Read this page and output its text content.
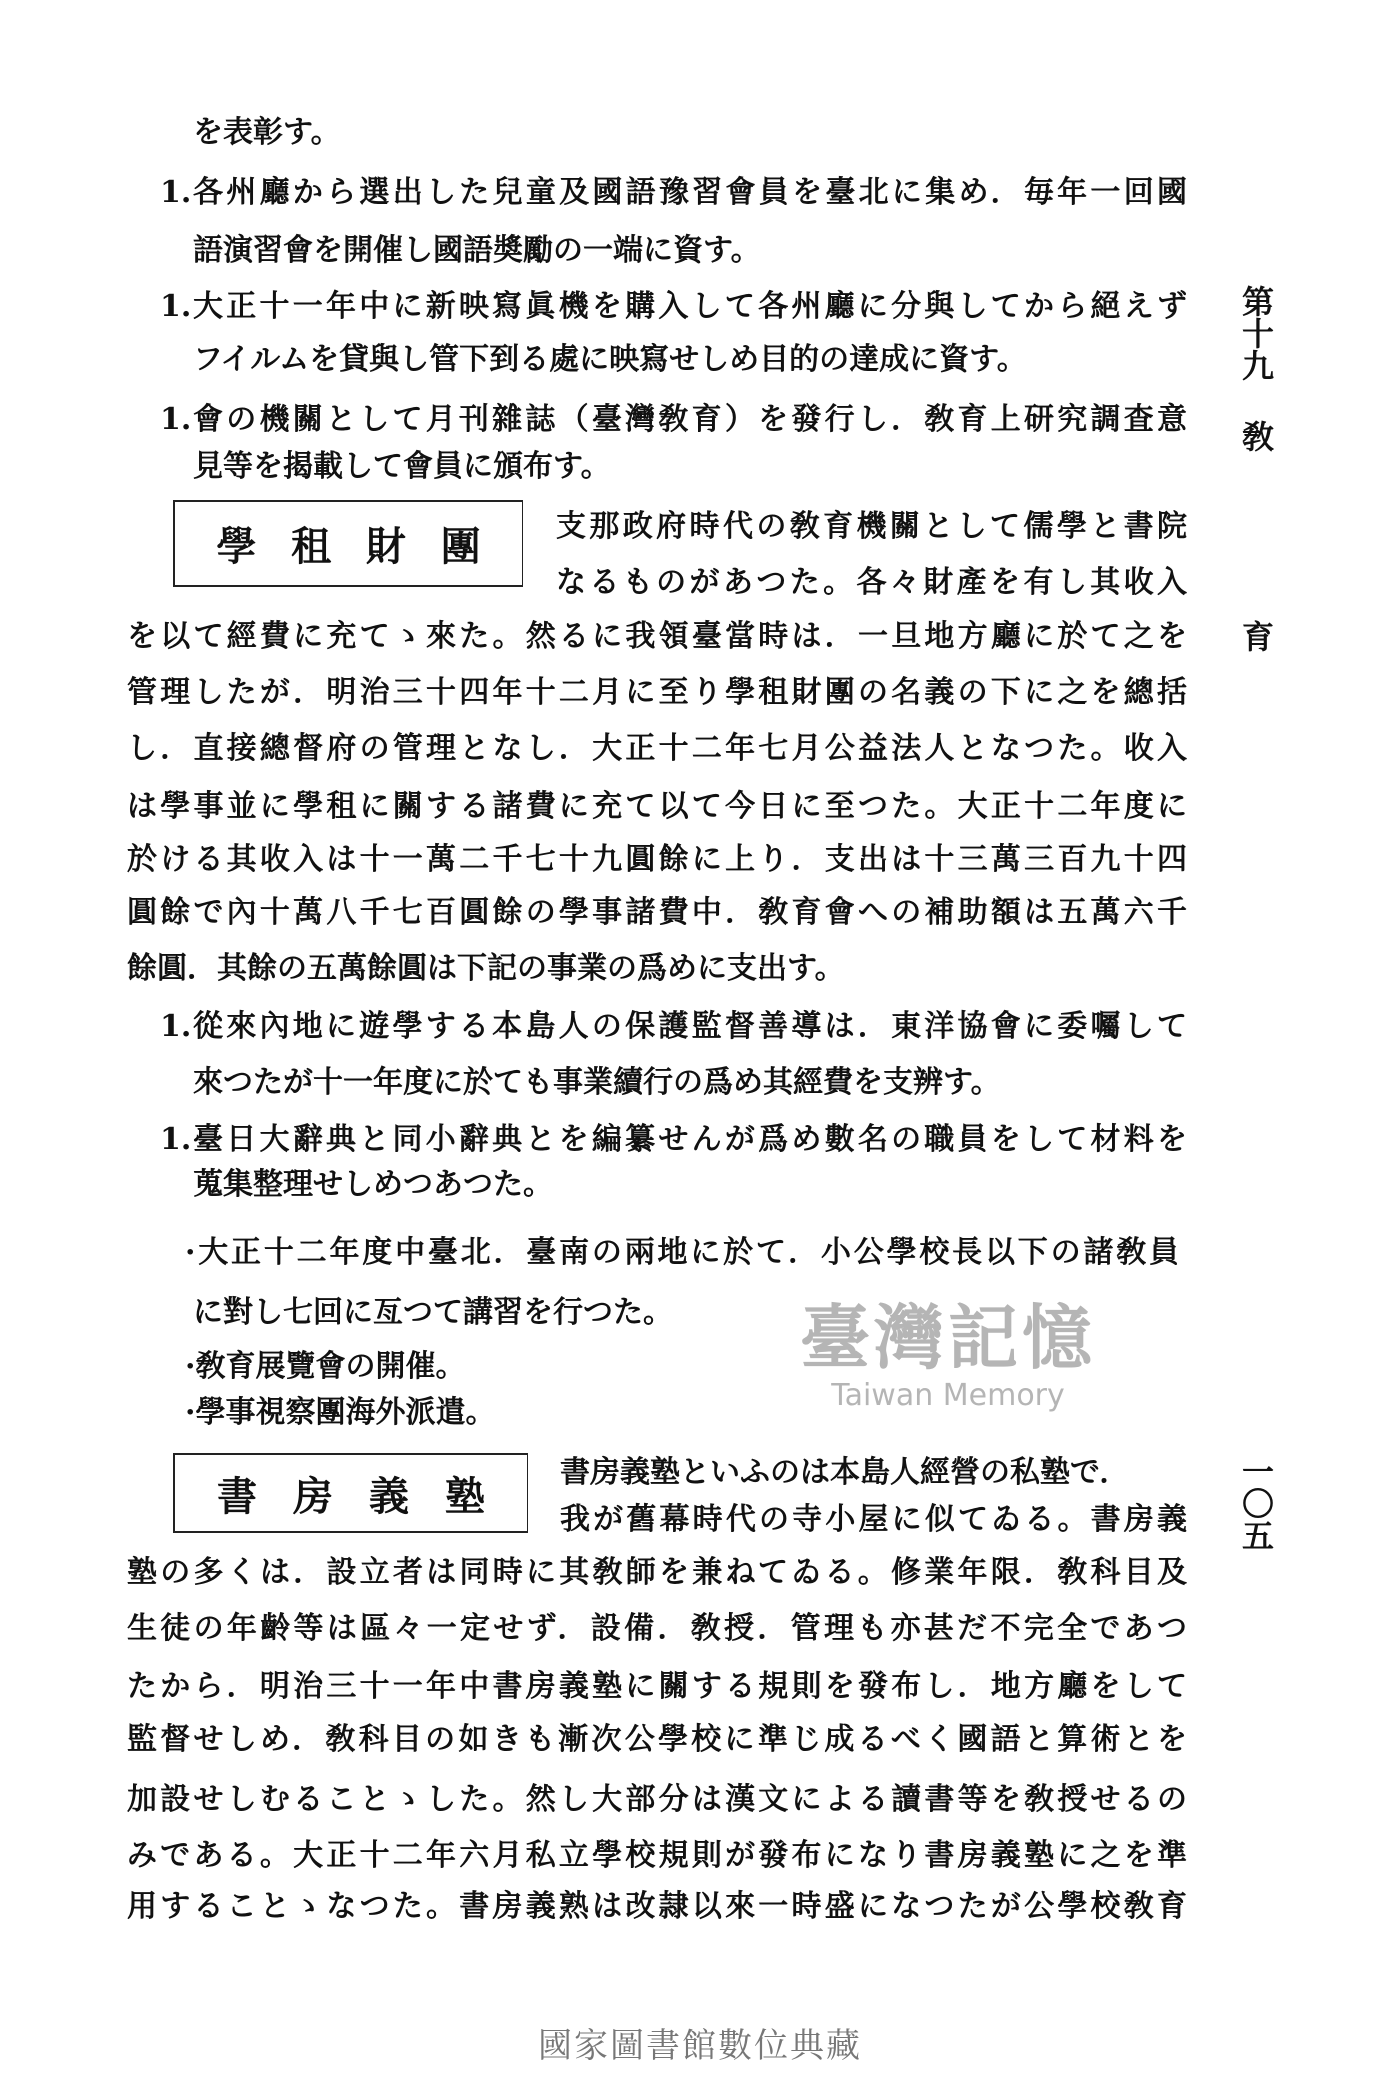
第十九
敎
育
一〇五
を表彰す。
1. 各州廳から選出した兒童及國語豫習會員を臺北に集め．毎年一回國
語演習會を開催し國語奬勵の一端に資す。
1. 大正十一年中に新映寫眞機を購入して各州廳に分與してから絕えず
フイルムを貸與し管下到る處に映寫せしめ目的の達成に資す。
1. 會の機關として月刊雜誌（臺灣敎育）を發行し．敎育上研究調査意
見等を揭載して會員に頒布す。
學 租 財 團	支那政府時代の敎育機關として儒學と書院
なるものがあつた。各々財產を有し其收入
を以て經費に充てゝ來た。然るに我領臺當時は．一旦地方廳に於て之を
管理したが．明治三十四年十二月に至り學租財團の名義の下に之を總括
し．直接總督府の管理となし．大正十二年七月公益法人となつた。收入
は學事並に學租に關する諸費に充て以て今日に至つた。大正十二年度に
於ける其收入は十一萬二千七十九圓餘に上り．支出は十三萬三百九十四
圓餘で內十萬八千七百圓餘の學事諸費中．敎育會への補助額は五萬六千
餘圓．其餘の五萬餘圓は下記の事業の爲めに支出す。
1. 從來內地に遊學する本島人の保護監督善導は．東洋協會に委囑して
來つたが十一年度に於ても事業續行の爲め其經費を支辨す。
1. 臺日大辭典と同小辭典とを編纂せんが爲め數名の職員をして材料を
蒐集整理せしめつあつた。
·大正十二年度中臺北．臺南の兩地に於て．小公學校長以下の諸敎員
に對し七回に亙つて講習を行つた。
·敎育展覽會の開催。
·學事視察團海外派遣。
書 房 義 塾	書房義塾といふのは本島人經營の私塾で．
我が舊幕時代の寺小屋に似てゐる。書房義
塾の多くは．設立者は同時に其敎師を兼ねてゐる。修業年限．敎科目及
生徒の年齡等は區々一定せず．設備．敎授．管理も亦甚だ不完全であつ
たから．明治三十一年中書房義塾に關する規則を發布し．地方廳をして
監督せしめ．敎科目の如きも漸次公學校に準じ成るべく國語と算術とを
加設せしむることゝした。然し大部分は漢文による讀書等を敎授せるの
みである。大正十二年六月私立學校規則が發布になり書房義塾に之を準
用することゝなつた。書房義熟は改隷以來一時盛になつたが公學校敎育
臺灣記憶
Taiwan Memory
國家圖書館數位典藏
